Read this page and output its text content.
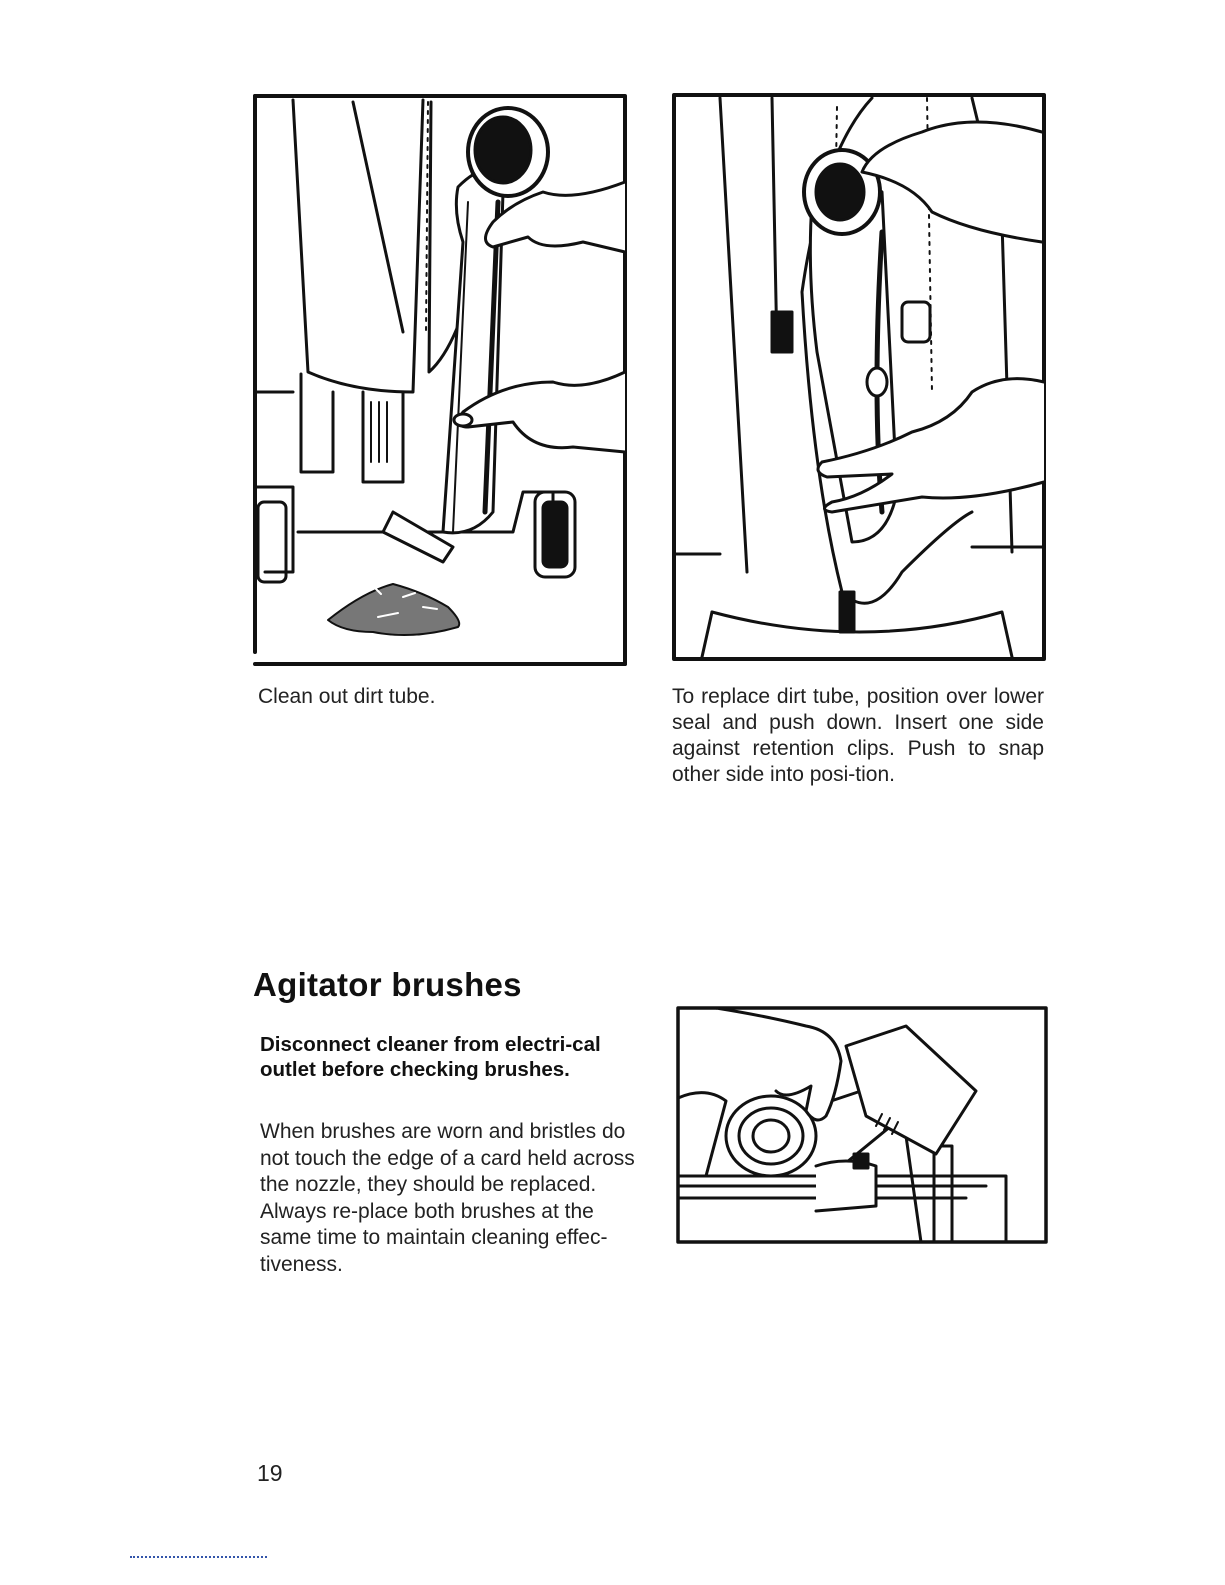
Clean out dirt tube.	To replace dirt tube, position over lower seal and push down. Insert one side against retention clips. Push to snap other side into posi-tion.
Agitator brushes
Disconnect cleaner from electri-cal outlet before checking brushes.
When brushes are worn and bristles do not touch the edge of a card held across the nozzle, they should be replaced. Always re-place both brushes at the same time to maintain cleaning effec-tiveness.
19
